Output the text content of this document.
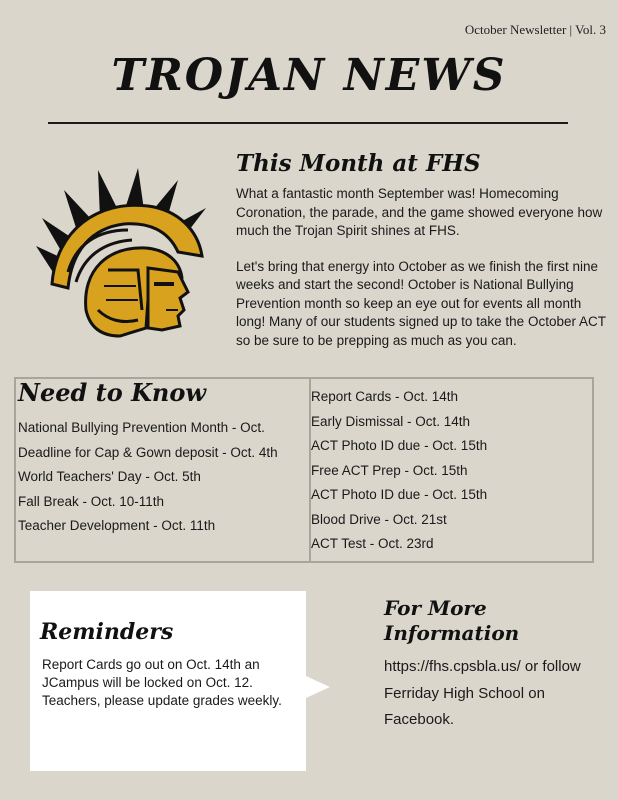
October Newsletter | Vol. 3
TROJAN NEWS
This Month at FHS

What a fantastic month September was! Homecoming Coronation, the parade, and the game showed everyone how much the Trojan Spirit shines at FHS.

Let's bring that energy into October as we finish the first nine weeks and start the second! October is National Bullying Prevention month so keep an eye out for events all month long! Many of our students signed up to take the October ACT so be sure to be prepping as much as you can.

Need to Know
National Bullying Prevention Month - Oct.
Deadline for Cap & Gown deposit - Oct. 4th
World Teachers' Day - Oct. 5th
Fall Break - Oct. 10-11th
Teacher Development - Oct. 11th
Report Cards - Oct. 14th
Early Dismissal - Oct. 14th
ACT Photo ID due - Oct. 15th
Free ACT Prep - Oct. 15th
ACT Photo ID due - Oct. 15th
Blood Drive - Oct. 21st
ACT Test - Oct. 23rd
Reminders
Report Cards go out on Oct. 14th an JCampus will be locked on Oct. 12. Teachers, please update grades weekly.
For More Information
https://fhs.cpsbla.us/ or follow Ferriday High School on Facebook.
